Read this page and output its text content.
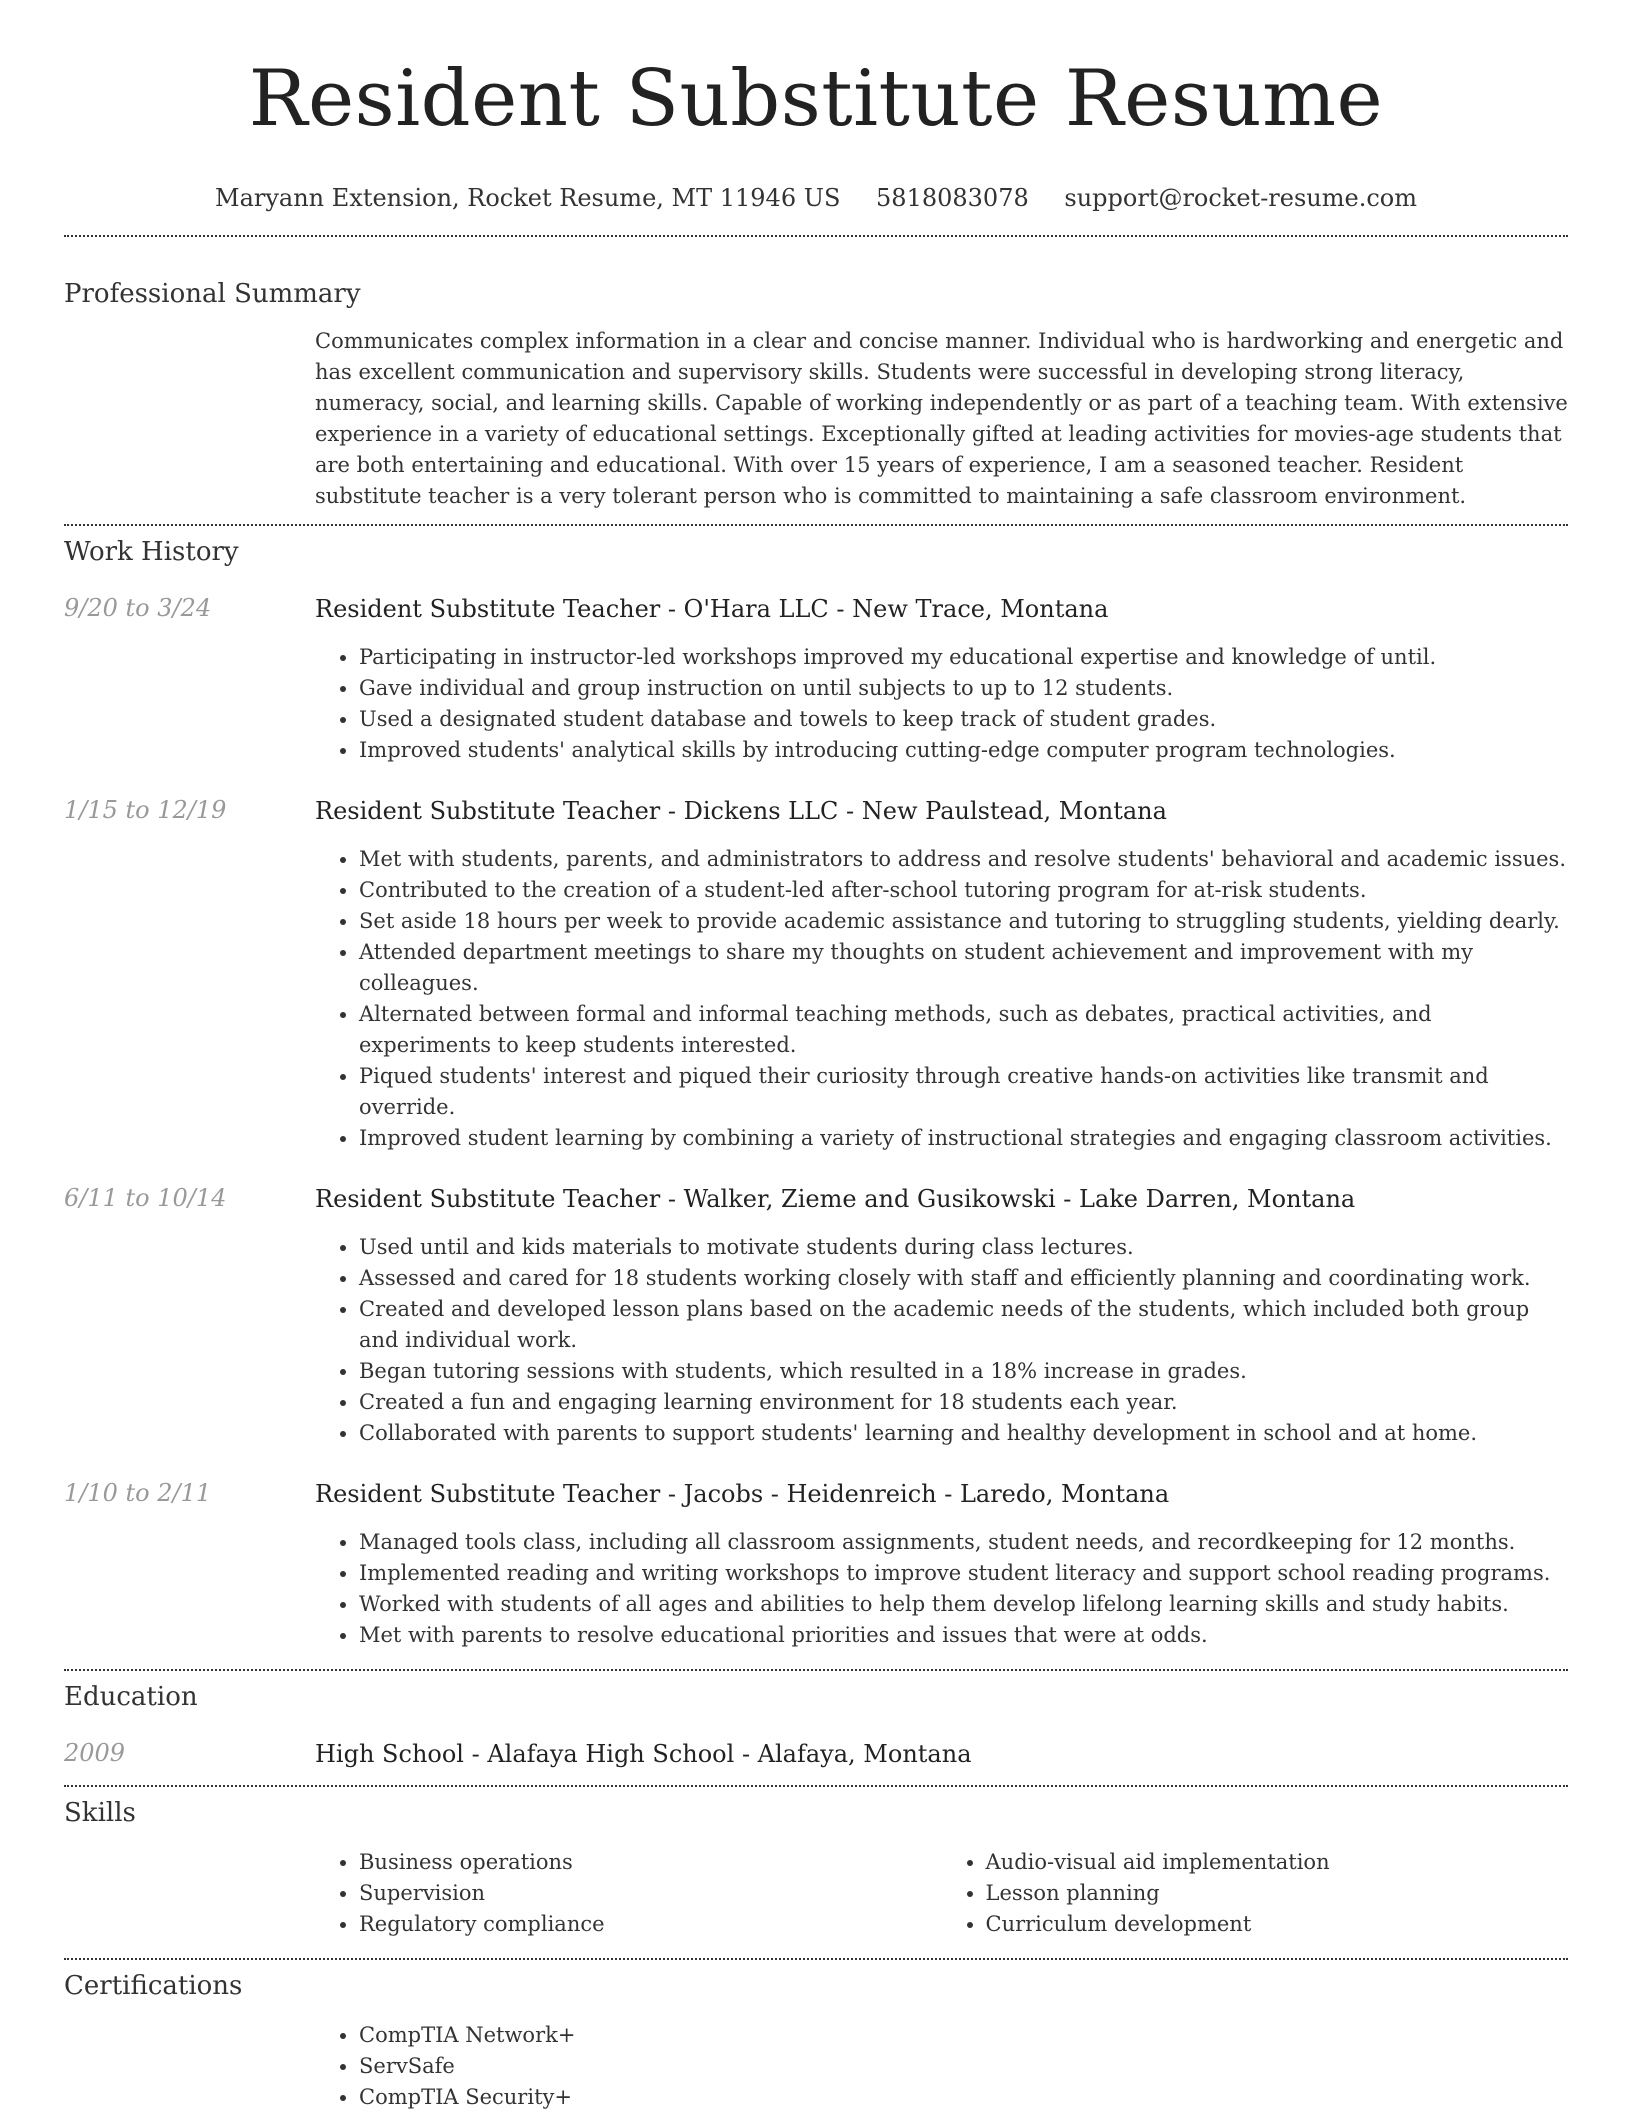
Resident Substitute Resume
Maryann Extension, Rocket Resume, MT 11946 US 5818083078 support@rocket-resume.com
Professional Summary
Communicates complex information in a clear and concise manner. Individual who is hardworking and energetic and has excellent communication and supervisory skills. Students were successful in developing strong literacy, numeracy, social, and learning skills. Capable of working independently or as part of a teaching team. With extensive experience in a variety of educational settings. Exceptionally gifted at leading activities for movies-age students that are both entertaining and educational. With over 15 years of experience, I am a seasoned teacher. Resident substitute teacher is a very tolerant person who is committed to maintaining a safe classroom environment.
Work History
9/20 to 3/24	Resident Substitute Teacher - O'Hara LLC - New Trace, Montana
• Participating in instructor-led workshops improved my educational expertise and knowledge of until.
• Gave individual and group instruction on until subjects to up to 12 students.
• Used a designated student database and towels to keep track of student grades.
• Improved students' analytical skills by introducing cutting-edge computer program technologies.
1/15 to 12/19	Resident Substitute Teacher - Dickens LLC - New Paulstead, Montana
• Met with students, parents, and administrators to address and resolve students' behavioral and academic issues.
• Contributed to the creation of a student-led after-school tutoring program for at-risk students.
• Set aside 18 hours per week to provide academic assistance and tutoring to struggling students, yielding dearly.
• Attended department meetings to share my thoughts on student achievement and improvement with my colleagues.
• Alternated between formal and informal teaching methods, such as debates, practical activities, and experiments to keep students interested.
• Piqued students' interest and piqued their curiosity through creative hands-on activities like transmit and override.
• Improved student learning by combining a variety of instructional strategies and engaging classroom activities.
6/11 to 10/14	Resident Substitute Teacher - Walker, Zieme and Gusikowski - Lake Darren, Montana
• Used until and kids materials to motivate students during class lectures.
• Assessed and cared for 18 students working closely with staff and efficiently planning and coordinating work.
• Created and developed lesson plans based on the academic needs of the students, which included both group and individual work.
• Began tutoring sessions with students, which resulted in a 18% increase in grades.
• Created a fun and engaging learning environment for 18 students each year.
• Collaborated with parents to support students' learning and healthy development in school and at home.
1/10 to 2/11	Resident Substitute Teacher - Jacobs - Heidenreich - Laredo, Montana
• Managed tools class, including all classroom assignments, student needs, and recordkeeping for 12 months.
• Implemented reading and writing workshops to improve student literacy and support school reading programs.
• Worked with students of all ages and abilities to help them develop lifelong learning skills and study habits.
• Met with parents to resolve educational priorities and issues that were at odds.
Education
2009	High School - Alafaya High School - Alafaya, Montana
Skills
• Business operations
• Supervision
• Regulatory compliance
• Audio-visual aid implementation
• Lesson planning
• Curriculum development
Certifications
• CompTIA Network+
• ServSafe
• CompTIA Security+
